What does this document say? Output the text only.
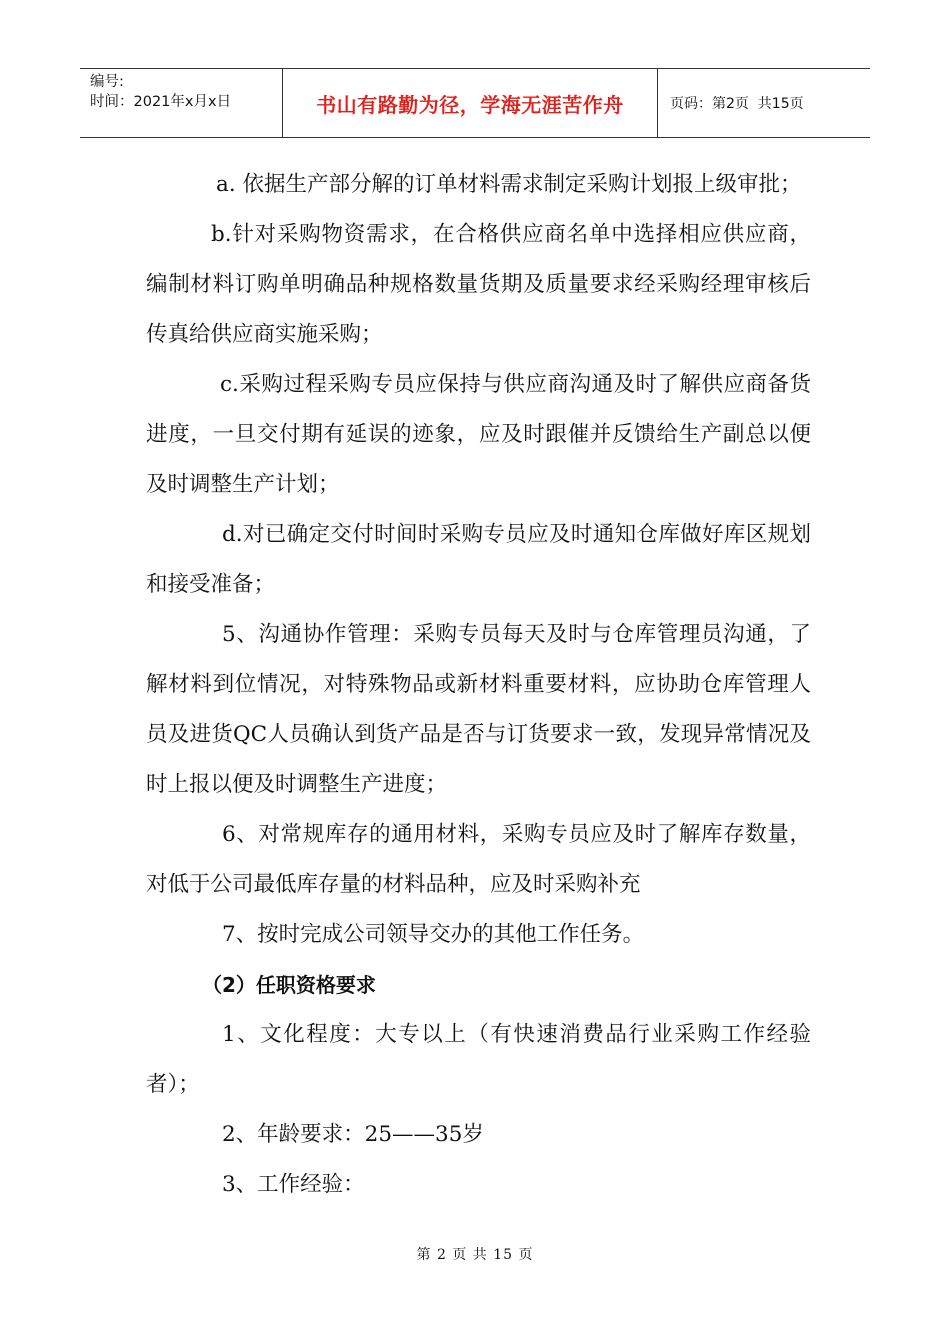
编号:
时间：2021年x月x日	书山有路勤为径，学海无涯苦作舟	页码：第2页  共15页

a. 依据生产部分解的订单材料需求制定采购计划报上级审批；

b.针对采购物资需求，在合格供应商名单中选择相应供应商，编制材料订购单明确品种规格数量货期及质量要求经采购经理审核后传真给供应商实施采购；

c.采购过程采购专员应保持与供应商沟通及时了解供应商备货进度，一旦交付期有延误的迹象，应及时跟催并反馈给生产副总以便及时调整生产计划；

d.对已确定交付时间时采购专员应及时通知仓库做好库区规划和接受准备；

5、沟通协作管理：采购专员每天及时与仓库管理员沟通，了解材料到位情况，对特殊物品或新材料重要材料，应协助仓库管理人员及进货QC人员确认到货产品是否与订货要求一致，发现异常情况及时上报以便及时调整生产进度；

6、对常规库存的通用材料，采购专员应及时了解库存数量，对低于公司最低库存量的材料品种，应及时采购补充

7、按时完成公司领导交办的其他工作任务。

（2）任职资格要求

1、文化程度：大专以上（有快速消费品行业采购工作经验者）；

2、年龄要求：25——35岁

3、工作经验：

第 2 页 共 15 页
